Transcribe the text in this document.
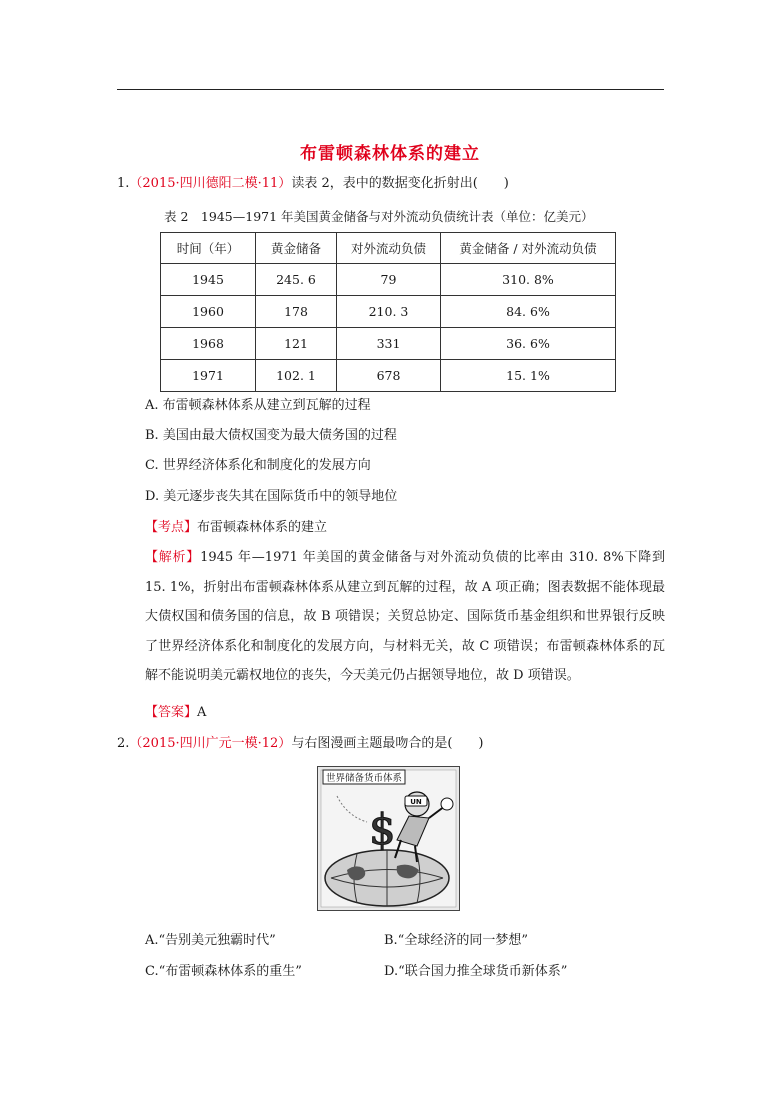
布雷顿森林体系的建立
1.（2015·四川德阳二模·11）读表 2，表中的数据变化折射出(　　)
表 2　1945—1971 年美国黄金储备与对外流动负债统计表（单位：亿美元）
时间（年）	黄金储备	对外流动负债	黄金储备 / 对外流动负债
1945	245. 6	79	310. 8%
1960	178	210. 3	84. 6%
1968	121	331	36. 6%
1971	102. 1	678	15. 1%
A. 布雷顿森林体系从建立到瓦解的过程
B. 美国由最大债权国变为最大债务国的过程
C. 世界经济体系化和制度化的发展方向
D. 美元逐步丧失其在国际货币中的领导地位
【考点】布雷顿森林体系的建立
【解析】1945 年—1971 年美国的黄金储备与对外流动负债的比率由 310. 8%下降到 15. 1%，折射出布雷顿森林体系从建立到瓦解的过程，故 A 项正确；图表数据不能体现最大债权国和债务国的信息，故 B 项错误；关贸总协定、国际货币基金组织和世界银行反映了世界经济体系化和制度化的发展方向，与材料无关，故 C 项错误；布雷顿森林体系的瓦解不能说明美元霸权地位的丧失，今天美元仍占据领导地位，故 D 项错误。
【答案】A
2.（2015·四川广元一模·12）与右图漫画主题最吻合的是(　　)
世界储备货币体系
$
UN
A.“告别美元独霸时代”	B.“全球经济的同一梦想”
C.“布雷顿森林体系的重生”	D.“联合国力推全球货币新体系”
